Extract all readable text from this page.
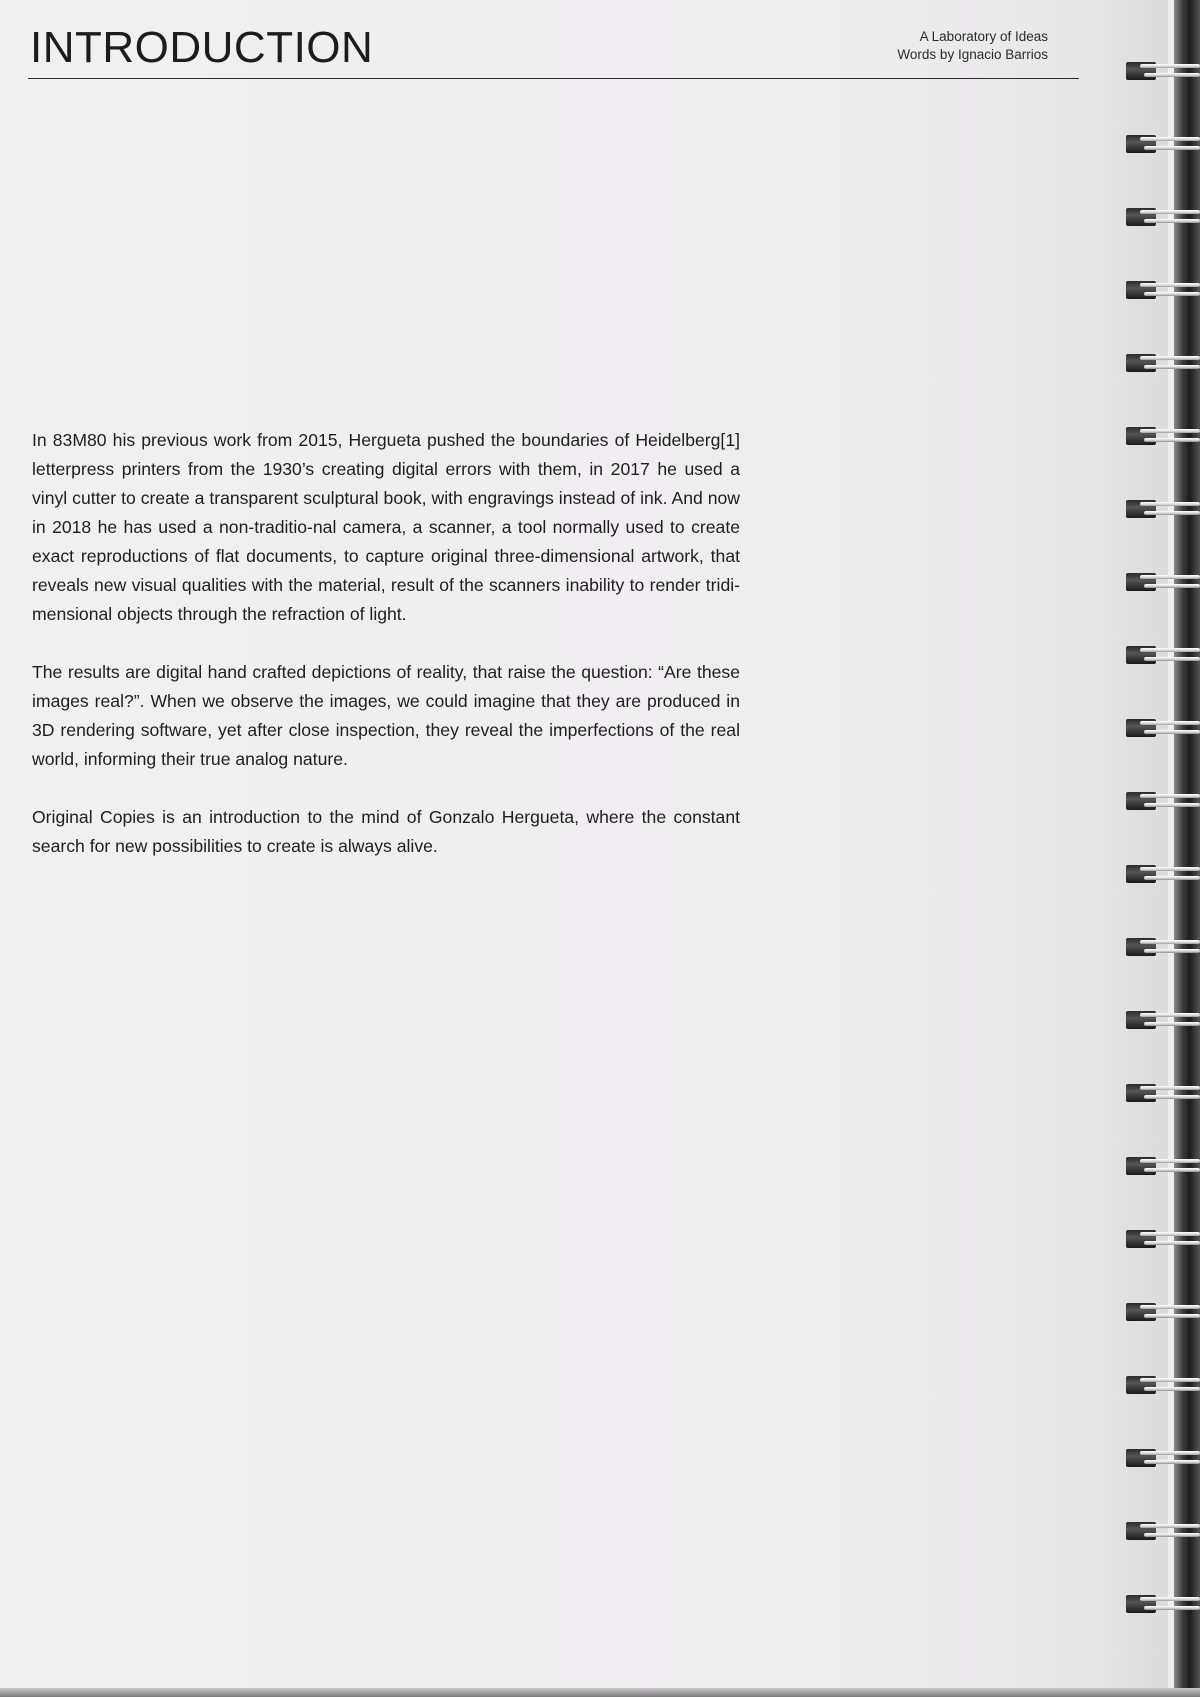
INTRODUCTION	A Laboratory of Ideas
Words by Ignacio Barrios

In 83M80 his previous work from 2015, Hergueta pushed the boundaries of Heidelberg[1] letterpress printers from the 1930’s creating digital errors with them, in 2017 he used a vinyl cutter to create a transparent sculptural book, with engravings instead of ink. And now in 2018 he has used a non-traditio-nal camera, a scanner, a tool normally used to create exact reproductions of flat documents, to capture original three-dimensional artwork, that reveals new visual qualities with the material, result of the scanners inability to render tridi-mensional objects through the refraction of light.

The results are digital hand crafted depictions of reality, that raise the question: “Are these images real?”. When we observe the images, we could imagine that they are produced in 3D rendering software, yet after close inspection, they reveal the imperfections of the real world, informing their true analog nature.

Original Copies is an introduction to the mind of Gonzalo Hergueta, where the constant search for new possibilities to create is always alive.
